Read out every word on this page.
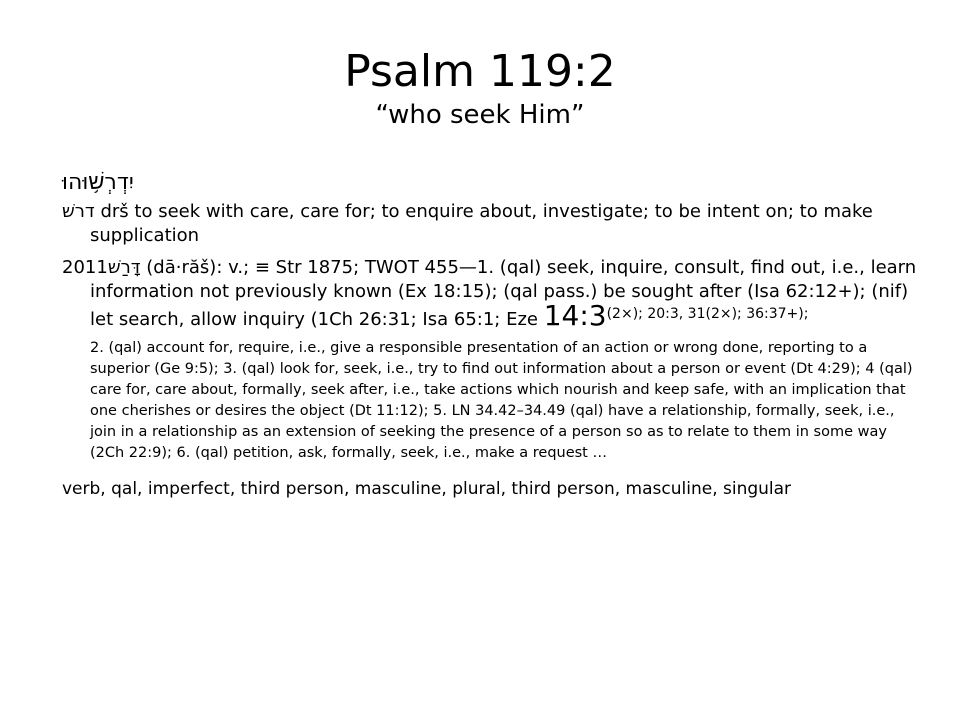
Psalm 119:2
“who seek Him”
יִדְרְשׁ֥וּהוּ
דרשׁ drš to seek with care, care for; to enquire about, investigate; to be intent on; to make supplication
2011דָּרַשׁ (dā·răš): v.; ≡ Str 1875; TWOT 455—1. (qal) seek, inquire, consult, find out, i.e., learn information not previously known (Ex 18:15); (qal pass.) be sought after (Isa 62:12+); (nif) let search, allow inquiry (1Ch 26:31; Isa 65:1; Eze $14:3^{(2\times); 20:3, 31(2\times); 36:37+);}$
2. (qal) account for, require, i.e., give a responsible presentation of an action or wrong done, reporting to a superior (Ge 9:5); 3. (qal) look for, seek, i.e., try to find out information about a person or event (Dt 4:29); 4 (qal) care for, care about, formally, seek after, i.e., take actions which nourish and keep safe, with an implication that one cherishes or desires the object (Dt 11:12); 5. LN 34.42–34.49 (qal) have a relationship, formally, seek, i.e., join in a relationship as an extension of seeking the presence of a person so as to relate to them in some way (2Ch 22:9); 6. (qal) petition, ask, formally, seek, i.e., make a request …
verb, qal, imperfect, third person, masculine, plural, third person, masculine, singular
